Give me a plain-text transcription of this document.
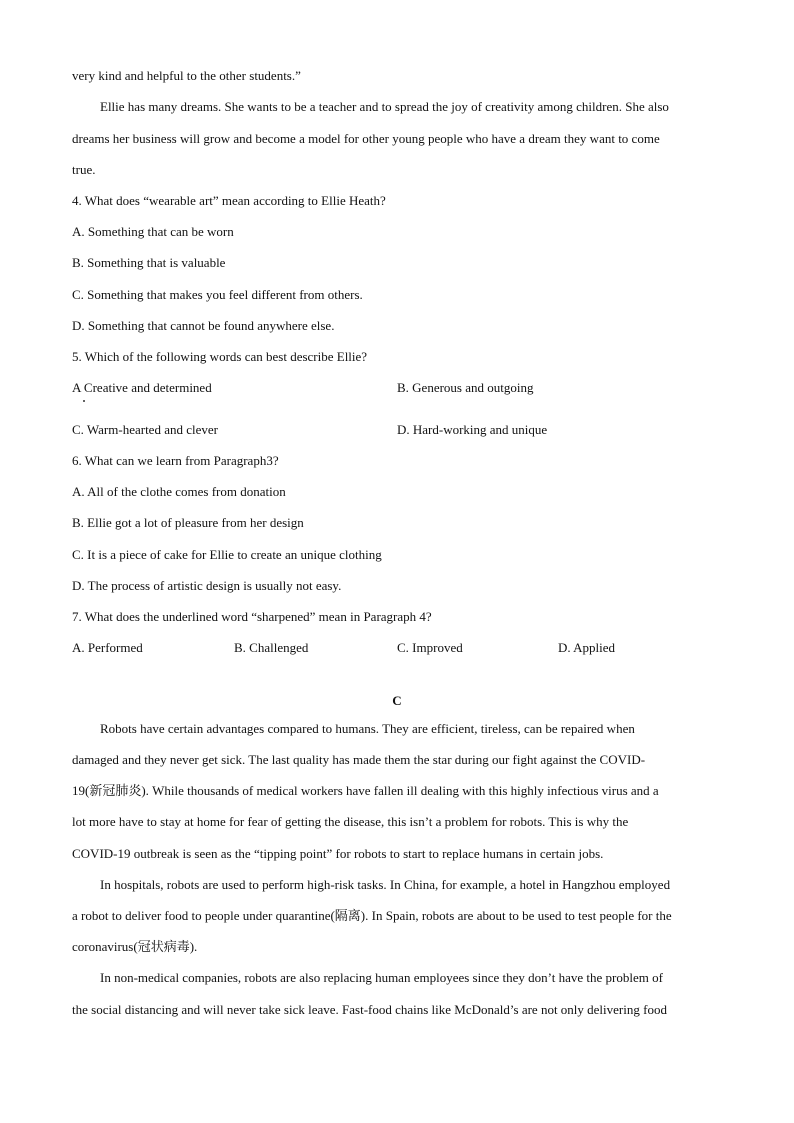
very kind and helpful to the other students.”
Ellie has many dreams. She wants to be a teacher and to spread the joy of creativity among children. She also
dreams her business will grow and become a model for other young people who have a dream they want to come
true.
4. What does “wearable art” mean according to Ellie Heath?
A. Something that can be worn
B. Something that is valuable
C. Something that makes you feel different from others.
D. Something that cannot be found anywhere else.
5. Which of the following words can best describe Ellie?
A Creative and determined	B. Generous and outgoing
C. Warm-hearted and clever	D. Hard-working and unique
6. What can we learn from Paragraph3?
A. All of the clothe comes from donation
B. Ellie got a lot of pleasure from her design
C. It is a piece of cake for Ellie to create an unique clothing
D. The process of artistic design is usually not easy.
7. What does the underlined word “sharpened” mean in Paragraph 4?
A. Performed	B. Challenged	C. Improved	D. Applied
C
Robots have certain advantages compared to humans. They are efficient, tireless, can be repaired when
damaged and they never get sick. The last quality has made them the star during our fight against the COVID-
19(新冠肺炎). While thousands of medical workers have fallen ill dealing with this highly infectious virus and a
lot more have to stay at home for fear of getting the disease, this isn’t a problem for robots. This is why the
COVID-19 outbreak is seen as the “tipping point” for robots to start to replace humans in certain jobs.
In hospitals, robots are used to perform high-risk tasks. In China, for example, a hotel in Hangzhou employed
a robot to deliver food to people under quarantine(隔离). In Spain, robots are about to be used to test people for the
coronavirus(冠状病毒).
In non-medical companies, robots are also replacing human employees since they don’t have the problem of
the social distancing and will never take sick leave. Fast-food chains like McDonald’s are not only delivering food
